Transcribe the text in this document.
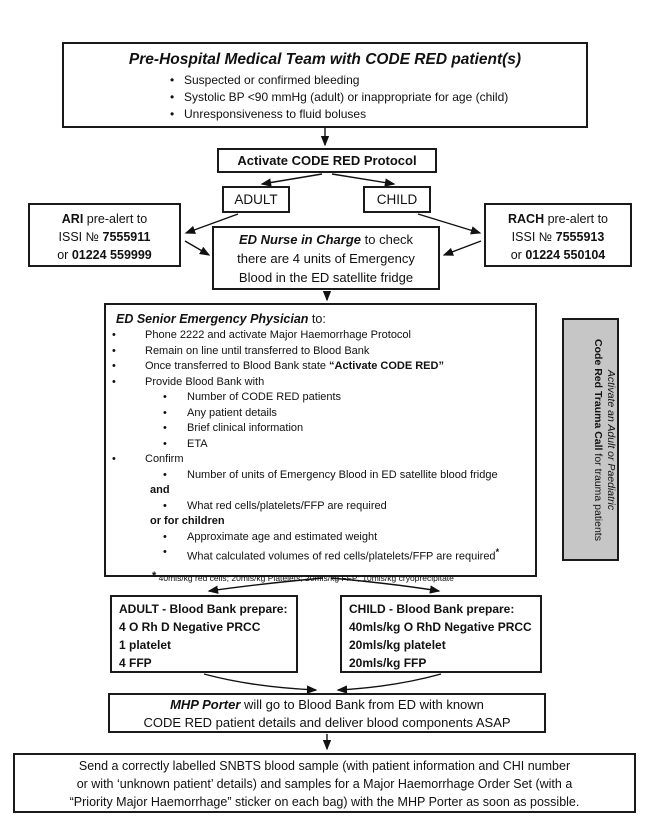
Pre-Hospital Medical Team with CODE RED patient(s)
• Suspected or confirmed bleeding
• Systolic BP <90 mmHg (adult) or inappropriate for age (child)
• Unresponsiveness to fluid boluses
Activate CODE RED Protocol
ADULT	CHILD
ARI pre-alert to
ISSI № 7555911
or 01224 559999
RACH pre-alert to
ISSI № 7555913
or 01224 550104
ED Nurse in Charge to check
there are 4 units of Emergency
Blood in the ED satellite fridge
ED Senior Emergency Physician to:
• Phone 2222 and activate Major Haemorrhage Protocol
• Remain on line until transferred to Blood Bank
• Once transferred to Blood Bank state “Activate CODE RED”
• Provide Blood Bank with
• Number of CODE RED patients
• Any patient details
• Brief clinical information
• ETA
• Confirm
• Number of units of Emergency Blood in ED satellite blood fridge
and
• What red cells/platelets/FFP are required
or for children
• Approximate age and estimated weight
• What calculated volumes of red cells/platelets/FFP are required*
* 40mls/kg red cells; 20mls/kg Platelets; 20mls/kg FFP; 10mls/kg cryoprecipitate
Activate an Adult or Paediatric
Code Red Trauma Call for trauma patients
ADULT - Blood Bank prepare:
4 O Rh D Negative PRCC
1 platelet
4 FFP
CHILD - Blood Bank prepare:
40mls/kg O RhD Negative PRCC
20mls/kg platelet
20mls/kg FFP
MHP Porter will go to Blood Bank from ED with known
CODE RED patient details and deliver blood components ASAP
Send a correctly labelled SNBTS blood sample (with patient information and CHI number
or with ‘unknown patient’ details) and samples for a Major Haemorrhage Order Set (with a
“Priority Major Haemorrhage” sticker on each bag) with the MHP Porter as soon as possible.
